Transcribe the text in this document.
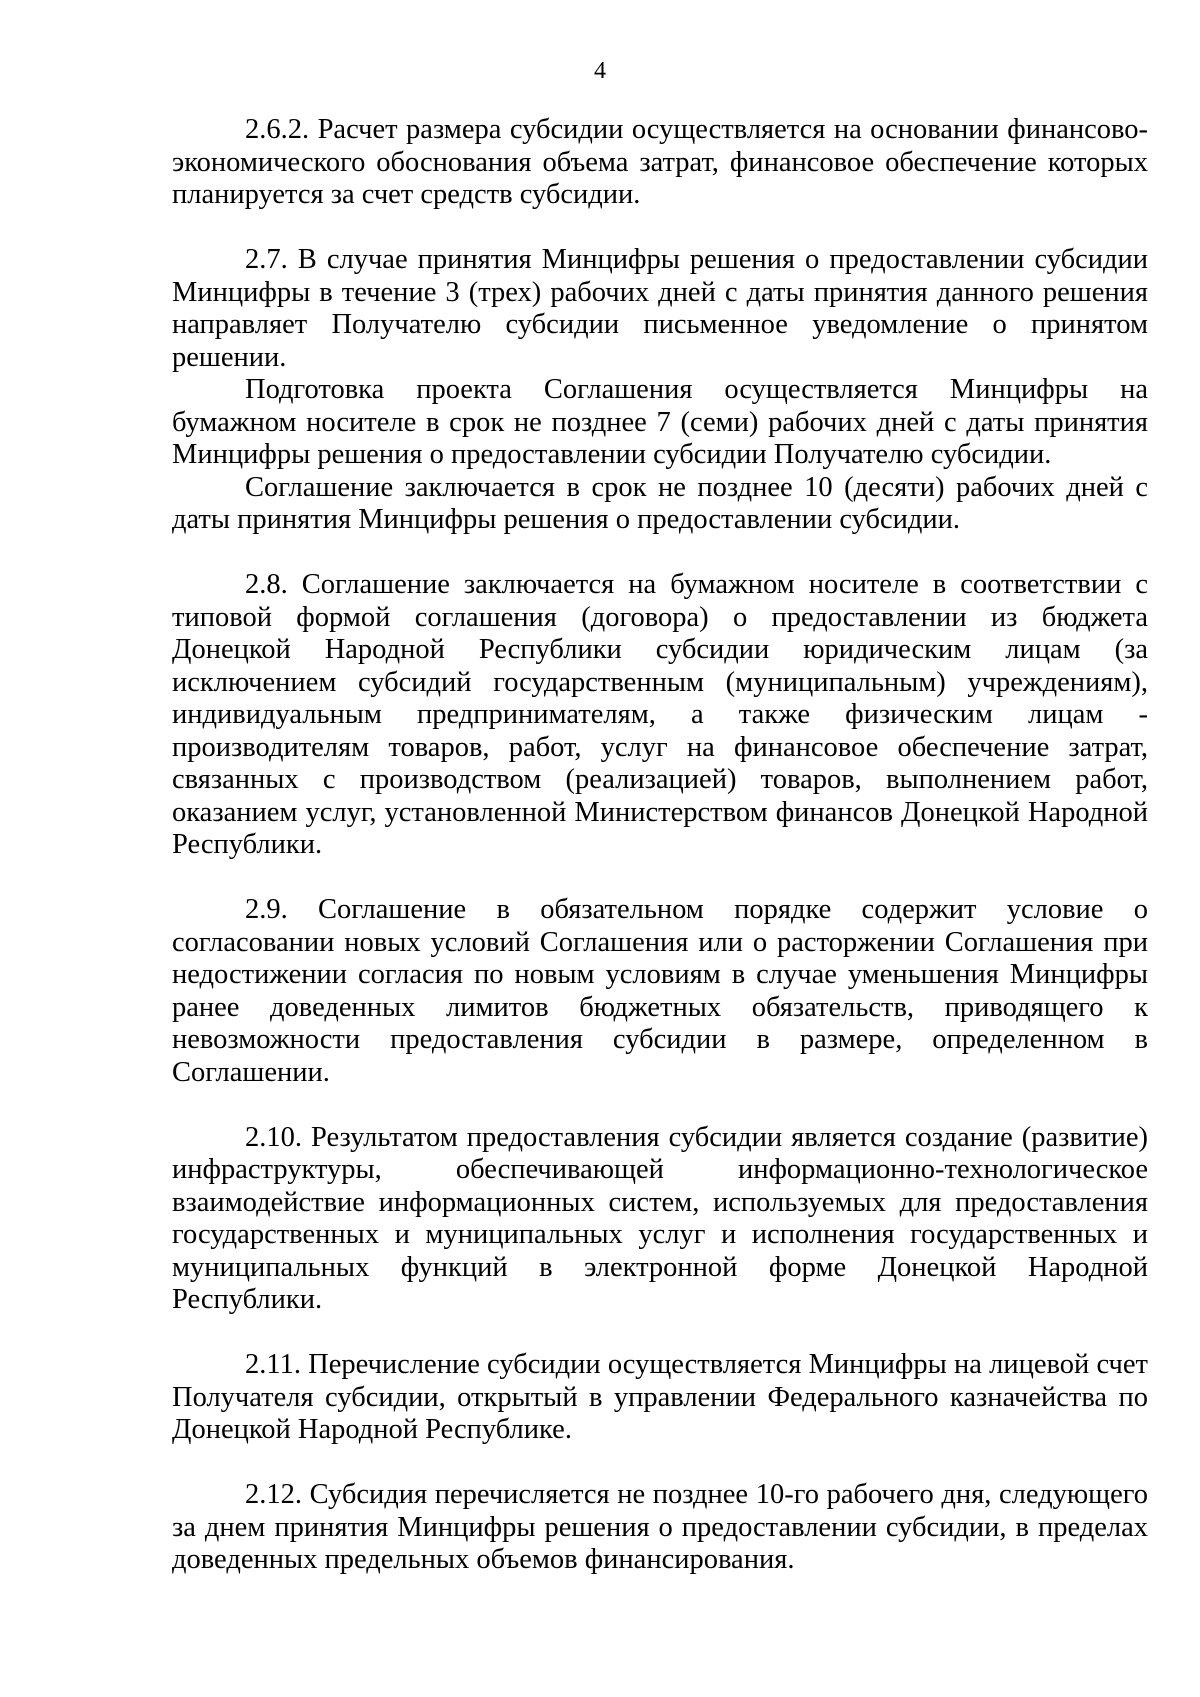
4

2.6.2. Расчет размера субсидии осуществляется на основании финансово-экономического обоснования объема затрат, финансовое обеспечение которых планируется за счет средств субсидии.

2.7. В случае принятия Минцифры решения о предоставлении субсидии Минцифры в течение 3 (трех) рабочих дней с даты принятия данного решения направляет Получателю субсидии письменное уведомление о принятом решении.

Подготовка проекта Соглашения осуществляется Минцифры на бумажном носителе в срок не позднее 7 (семи) рабочих дней с даты принятия Минцифры решения о предоставлении субсидии Получателю субсидии.

Соглашение заключается в срок не позднее 10 (десяти) рабочих дней с даты принятия Минцифры решения о предоставлении субсидии.

2.8. Соглашение заключается на бумажном носителе в соответствии с типовой формой соглашения (договора) о предоставлении из бюджета Донецкой Народной Республики субсидии юридическим лицам (за исключением субсидий государственным (муниципальным) учреждениям), индивидуальным предпринимателям, а также физическим лицам - производителям товаров, работ, услуг на финансовое обеспечение затрат, связанных с производством (реализацией) товаров, выполнением работ, оказанием услуг, установленной Министерством финансов Донецкой Народной Республики.

2.9. Соглашение в обязательном порядке содержит условие о согласовании новых условий Соглашения или о расторжении Соглашения при недостижении согласия по новым условиям в случае уменьшения Минцифры ранее доведенных лимитов бюджетных обязательств, приводящего к невозможности предоставления субсидии в размере, определенном в Соглашении.

2.10. Результатом предоставления субсидии является создание (развитие) инфраструктуры, обеспечивающей информационно-технологическое взаимодействие информационных систем, используемых для предоставления государственных и муниципальных услуг и исполнения государственных и муниципальных функций в электронной форме Донецкой Народной Республики.

2.11. Перечисление субсидии осуществляется Минцифры на лицевой счет Получателя субсидии, открытый в управлении Федерального казначейства по Донецкой Народной Республике.

2.12. Субсидия перечисляется не позднее 10-го рабочего дня, следующего за днем принятия Минцифры решения о предоставлении субсидии, в пределах доведенных предельных объемов финансирования.
